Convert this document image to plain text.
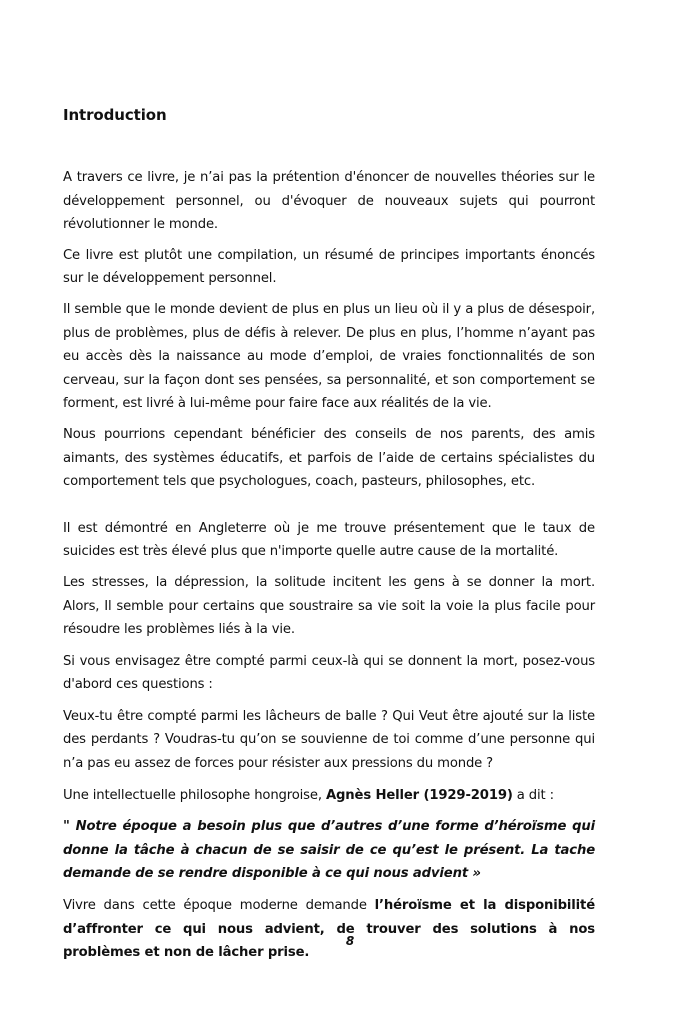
Introduction

A travers ce livre, je n’ai pas la prétention d'énoncer de nouvelles théories sur le développement personnel, ou d'évoquer de nouveaux sujets qui pourront révolutionner le monde.

Ce livre est plutôt une compilation, un résumé de principes importants énoncés sur le développement personnel.

Il semble que le monde devient de plus en plus un lieu où il y a plus de désespoir, plus de problèmes, plus de défis à relever. De plus en plus, l’homme n’ayant pas eu accès dès la naissance au mode d’emploi, de vraies fonctionnalités de son cerveau, sur la façon dont ses pensées, sa personnalité, et son comportement se forment, est livré à lui-même pour faire face aux réalités de la vie.

Nous pourrions cependant bénéficier des conseils de nos parents, des amis aimants, des systèmes éducatifs, et parfois de l’aide de certains spécialistes du comportement tels que psychologues, coach, pasteurs, philosophes, etc.

Il est démontré en Angleterre où je me trouve présentement que le taux de suicides est très élevé plus que n'importe quelle autre cause de la mortalité.

Les stresses, la dépression, la solitude incitent les gens à se donner la mort. Alors, Il semble pour certains que soustraire sa vie soit la voie la plus facile pour résoudre les problèmes liés à la vie.

Si vous envisagez être compté parmi ceux-là qui se donnent la mort, posez-vous d'abord ces questions :

Veux-tu être compté parmi les lâcheurs de balle ? Qui Veut être ajouté sur la liste des perdants ? Voudras-tu qu’on se souvienne de toi comme d’une personne qui n’a pas eu assez de forces pour résister aux pressions du monde ?

Une intellectuelle philosophe hongroise, Agnès Heller (1929-2019) a dit :

" Notre époque a besoin plus que d’autres d’une forme d’héroïsme qui donne la tâche à chacun de se saisir de ce qu’est le présent. La tache demande de se rendre disponible à ce qui nous advient »

Vivre dans cette époque moderne demande l’héroïsme et la disponibilité d’affronter ce qui nous advient, de trouver des solutions à nos problèmes et non de lâcher prise.

8
